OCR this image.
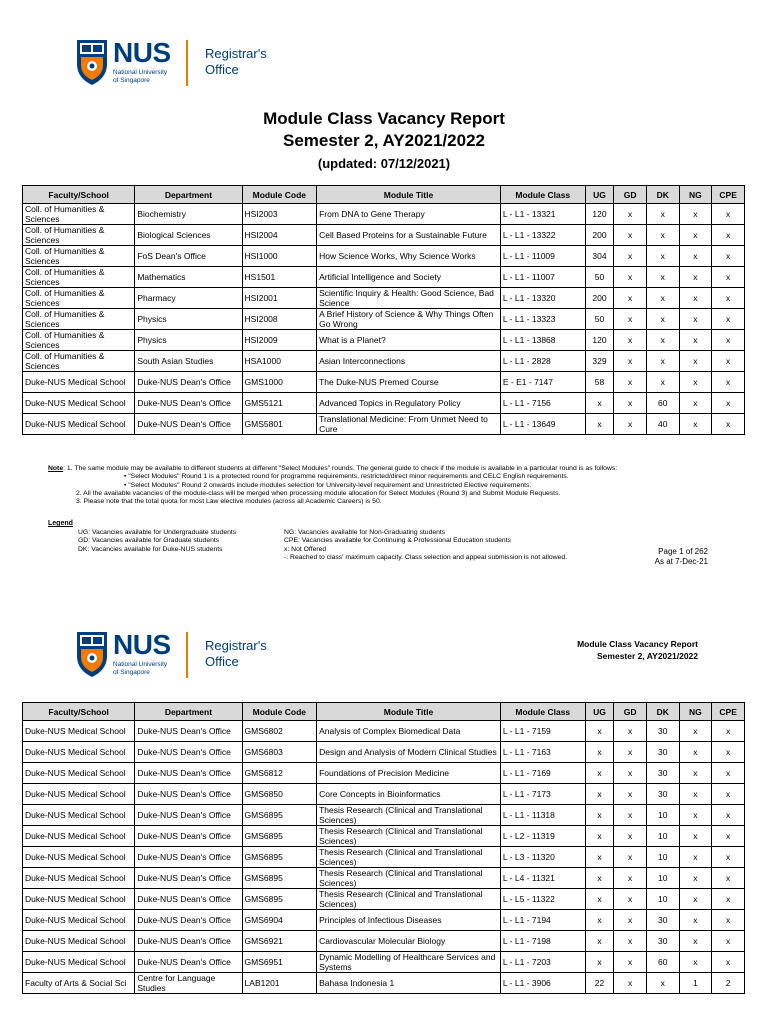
NUS
National University of Singapore
Registrar's
Office
Module Class Vacancy Report
Semester 2, AY2021/2022
(updated: 07/12/2021)
Faculty/School	Department	Module Code	Module Title	Module Class	UG	GD	DK	NG	CPE
Coll. of Humanities & Sciences	Biochemistry	HSI2003	From DNA to Gene Therapy	L - L1 - 13321	120	x	x	x	x
Coll. of Humanities & Sciences	Biological Sciences	HSI2004	Cell Based Proteins for a Sustainable Future	L - L1 - 13322	200	x	x	x	x
Coll. of Humanities & Sciences	FoS Dean's Office	HSI1000	How Science Works, Why Science Works	L - L1 - 11009	304	x	x	x	x
Coll. of Humanities & Sciences	Mathematics	HS1501	Artificial Intelligence and Society	L - L1 - 11007	50	x	x	x	x
Coll. of Humanities & Sciences	Pharmacy	HSI2001	Scientific Inquiry & Health: Good Science, Bad Science	L - L1 - 13320	200	x	x	x	x
Coll. of Humanities & Sciences	Physics	HSI2008	A Brief History of Science & Why Things Often Go Wrong	L - L1 - 13323	50	x	x	x	x
Coll. of Humanities & Sciences	Physics	HSI2009	What is a Planet?	L - L1 - 13868	120	x	x	x	x
Coll. of Humanities & Sciences	South Asian Studies	HSA1000	Asian Interconnections	L - L1 - 2828	329	x	x	x	x
Duke-NUS Medical School	Duke-NUS Dean's Office	GMS1000	The Duke-NUS Premed Course	E - E1 - 7147	58	x	x	x	x
Duke-NUS Medical School	Duke-NUS Dean's Office	GMS5121	Advanced Topics in Regulatory Policy	L - L1 - 7156	x	x	60	x	x
Duke-NUS Medical School	Duke-NUS Dean's Office	GMS5801	Translational Medicine: From Unmet Need to Cure	L - L1 - 13649	x	x	40	x	x
Note: 1. The same module may be available to different students at different "Select Modules" rounds. The general guide to check if the module is available in a particular round is as follows:
• "Select Modules" Round 1 is a protected round for programme requirements, restricted/direct minor requirements and CELC English requirements.
• "Select Modules" Round 2 onwards include modules selection for University-level requirement and Unrestricted Elective requirements.
2. All the available vacancies of the module-class will be merged when processing module allocation for Select Modules (Round 3) and Submit Module Requests.
3. Please note that the total quota for most Law elective modules (across all Academic Careers) is 50.
Legend
UG: Vacancies available for Undergraduate students
GD: Vacancies available for Graduate students
DK: Vacancies available for Duke-NUS students
NG: Vacancies available for Non-Graduating students
CPE: Vacancies available for Continuing & Professional Education students
x: Not Offered
-: Reached to class' maximum capacity. Class selection and appeal submission is not allowed.
Page 1 of 262
As at 7-Dec-21
NUS
National University of Singapore
Registrar's
Office
Module Class Vacancy Report
Semester 2, AY2021/2022
Faculty/School	Department	Module Code	Module Title	Module Class	UG	GD	DK	NG	CPE
Duke-NUS Medical School	Duke-NUS Dean's Office	GMS6802	Analysis of Complex Biomedical Data	L - L1 - 7159	x	x	30	x	x
Duke-NUS Medical School	Duke-NUS Dean's Office	GMS6803	Design and Analysis of Modern Clinical Studies	L - L1 - 7163	x	x	30	x	x
Duke-NUS Medical School	Duke-NUS Dean's Office	GMS6812	Foundations of Precision Medicine	L - L1 - 7169	x	x	30	x	x
Duke-NUS Medical School	Duke-NUS Dean's Office	GMS6850	Core Concepts in Bioinformatics	L - L1 - 7173	x	x	30	x	x
Duke-NUS Medical School	Duke-NUS Dean's Office	GMS6895	Thesis Research (Clinical and Translational Sciences)	L - L1 - 11318	x	x	10	x	x
Duke-NUS Medical School	Duke-NUS Dean's Office	GMS6895	Thesis Research (Clinical and Translational Sciences)	L - L2 - 11319	x	x	10	x	x
Duke-NUS Medical School	Duke-NUS Dean's Office	GMS6895	Thesis Research (Clinical and Translational Sciences)	L - L3 - 11320	x	x	10	x	x
Duke-NUS Medical School	Duke-NUS Dean's Office	GMS6895	Thesis Research (Clinical and Translational Sciences)	L - L4 - 11321	x	x	10	x	x
Duke-NUS Medical School	Duke-NUS Dean's Office	GMS6895	Thesis Research (Clinical and Translational Sciences)	L - L5 - 11322	x	x	10	x	x
Duke-NUS Medical School	Duke-NUS Dean's Office	GMS6904	Principles of Infectious Diseases	L - L1 - 7194	x	x	30	x	x
Duke-NUS Medical School	Duke-NUS Dean's Office	GMS6921	Cardiovascular Molecular Biology	L - L1 - 7198	x	x	30	x	x
Duke-NUS Medical School	Duke-NUS Dean's Office	GMS6951	Dynamic Modelling of Healthcare Services and Systems	L - L1 - 7203	x	x	60	x	x
Faculty of Arts & Social Sci	Centre for Language Studies	LAB1201	Bahasa Indonesia 1	L - L1 - 3906	22	x	x	1	2
